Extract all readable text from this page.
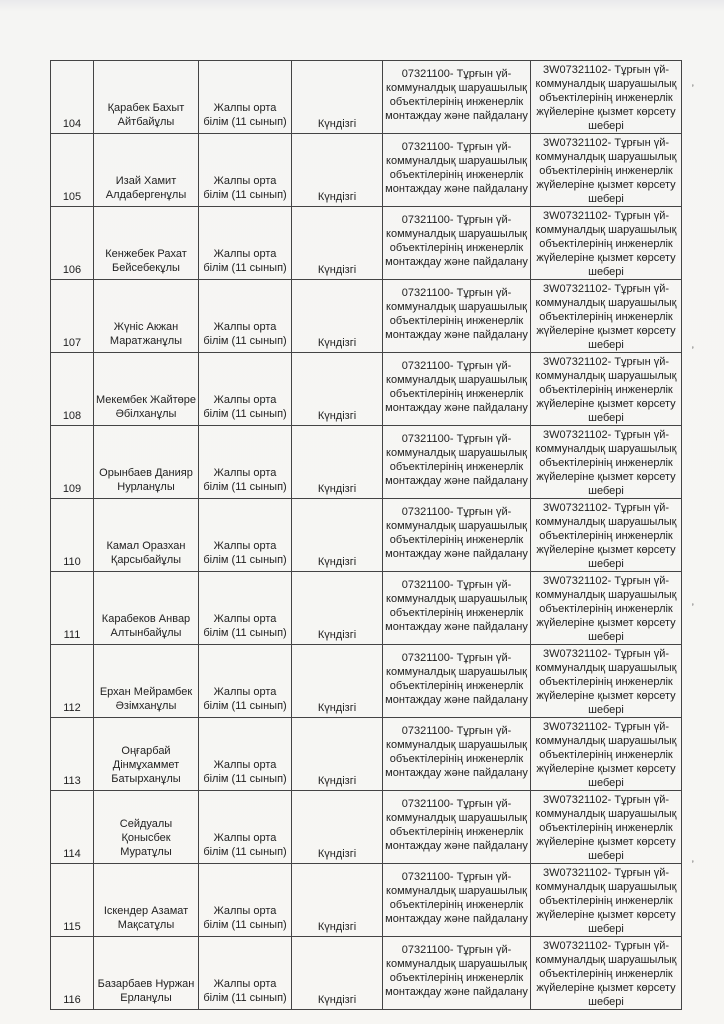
104	Қарабек Бахыт Айтбайұлы	Жалпы орта білім (11 сынып)	Күндізгі	07321100- Тұрғын үй-коммуналдық шаруашылық объектілерінің инженерлік монтаждау және пайдалану	3W07321102- Тұрғын үй-коммуналдық шаруашылық объектілерінің инженерлік жүйелеріне қызмет көрсету шебері
105	Изай Хамит Алдабергенұлы	Жалпы орта білім (11 сынып)	Күндізгі	07321100- Тұрғын үй-коммуналдық шаруашылық объектілерінің инженерлік монтаждау және пайдалану	3W07321102- Тұрғын үй-коммуналдық шаруашылық объектілерінің инженерлік жүйелеріне қызмет көрсету шебері
106	Кенжебек Рахат Бейсебекұлы	Жалпы орта білім (11 сынып)	Күндізгі	07321100- Тұрғын үй-коммуналдық шаруашылық объектілерінің инженерлік монтаждау және пайдалану	3W07321102- Тұрғын үй-коммуналдық шаруашылық объектілерінің инженерлік жүйелеріне қызмет көрсету шебері
107	Жүніс Акжан Маратжанұлы	Жалпы орта білім (11 сынып)	Күндізгі	07321100- Тұрғын үй-коммуналдық шаруашылық объектілерінің инженерлік монтаждау және пайдалану	3W07321102- Тұрғын үй-коммуналдық шаруашылық объектілерінің инженерлік жүйелеріне қызмет көрсету шебері
108	Мекембек Жайтөре Әбілханұлы	Жалпы орта білім (11 сынып)	Күндізгі	07321100- Тұрғын үй-коммуналдық шаруашылық объектілерінің инженерлік монтаждау және пайдалану	3W07321102- Тұрғын үй-коммуналдық шаруашылық объектілерінің инженерлік жүйелеріне қызмет көрсету шебері
109	Орынбаев Данияр Нурланұлы	Жалпы орта білім (11 сынып)	Күндізгі	07321100- Тұрғын үй-коммуналдық шаруашылық объектілерінің инженерлік монтаждау және пайдалану	3W07321102- Тұрғын үй-коммуналдық шаруашылық объектілерінің инженерлік жүйелеріне қызмет көрсету шебері
110	Камал Оразхан Қарсыбайұлы	Жалпы орта білім (11 сынып)	Күндізгі	07321100- Тұрғын үй-коммуналдық шаруашылық объектілерінің инженерлік монтаждау және пайдалану	3W07321102- Тұрғын үй-коммуналдық шаруашылық объектілерінің инженерлік жүйелеріне қызмет көрсету шебері
111	Карабеков Анвар Алтынбайұлы	Жалпы орта білім (11 сынып)	Күндізгі	07321100- Тұрғын үй-коммуналдық шаруашылық объектілерінің инженерлік монтаждау және пайдалану	3W07321102- Тұрғын үй-коммуналдық шаруашылық объектілерінің инженерлік жүйелеріне қызмет көрсету шебері
112	Ерхан Мейрамбек Әзімханұлы	Жалпы орта білім (11 сынып)	Күндізгі	07321100- Тұрғын үй-коммуналдық шаруашылық объектілерінің инженерлік монтаждау және пайдалану	3W07321102- Тұрғын үй-коммуналдық шаруашылық объектілерінің инженерлік жүйелеріне қызмет көрсету шебері
113	Оңғарбай Дінмұхаммет Батырханұлы	Жалпы орта білім (11 сынып)	Күндізгі	07321100- Тұрғын үй-коммуналдық шаруашылық объектілерінің инженерлік монтаждау және пайдалану	3W07321102- Тұрғын үй-коммуналдық шаруашылық объектілерінің инженерлік жүйелеріне қызмет көрсету шебері
114	Сейдуалы Қонысбек Муратұлы	Жалпы орта білім (11 сынып)	Күндізгі	07321100- Тұрғын үй-коммуналдық шаруашылық объектілерінің инженерлік монтаждау және пайдалану	3W07321102- Тұрғын үй-коммуналдық шаруашылық объектілерінің инженерлік жүйелеріне қызмет көрсету шебері
115	Іскендер Азамат Мақсатұлы	Жалпы орта білім (11 сынып)	Күндізгі	07321100- Тұрғын үй-коммуналдық шаруашылық объектілерінің инженерлік монтаждау және пайдалану	3W07321102- Тұрғын үй-коммуналдық шаруашылық объектілерінің инженерлік жүйелеріне қызмет көрсету шебері
116	Базарбаев Нуржан Ерланұлы	Жалпы орта білім (11 сынып)	Күндізгі	07321100- Тұрғын үй-коммуналдық шаруашылық объектілерінің инженерлік монтаждау және пайдалану	3W07321102- Тұрғын үй-коммуналдық шаруашылық объектілерінің инженерлік жүйелеріне қызмет көрсету шебері
ʼ
ʼ
ʼ
ʼ
